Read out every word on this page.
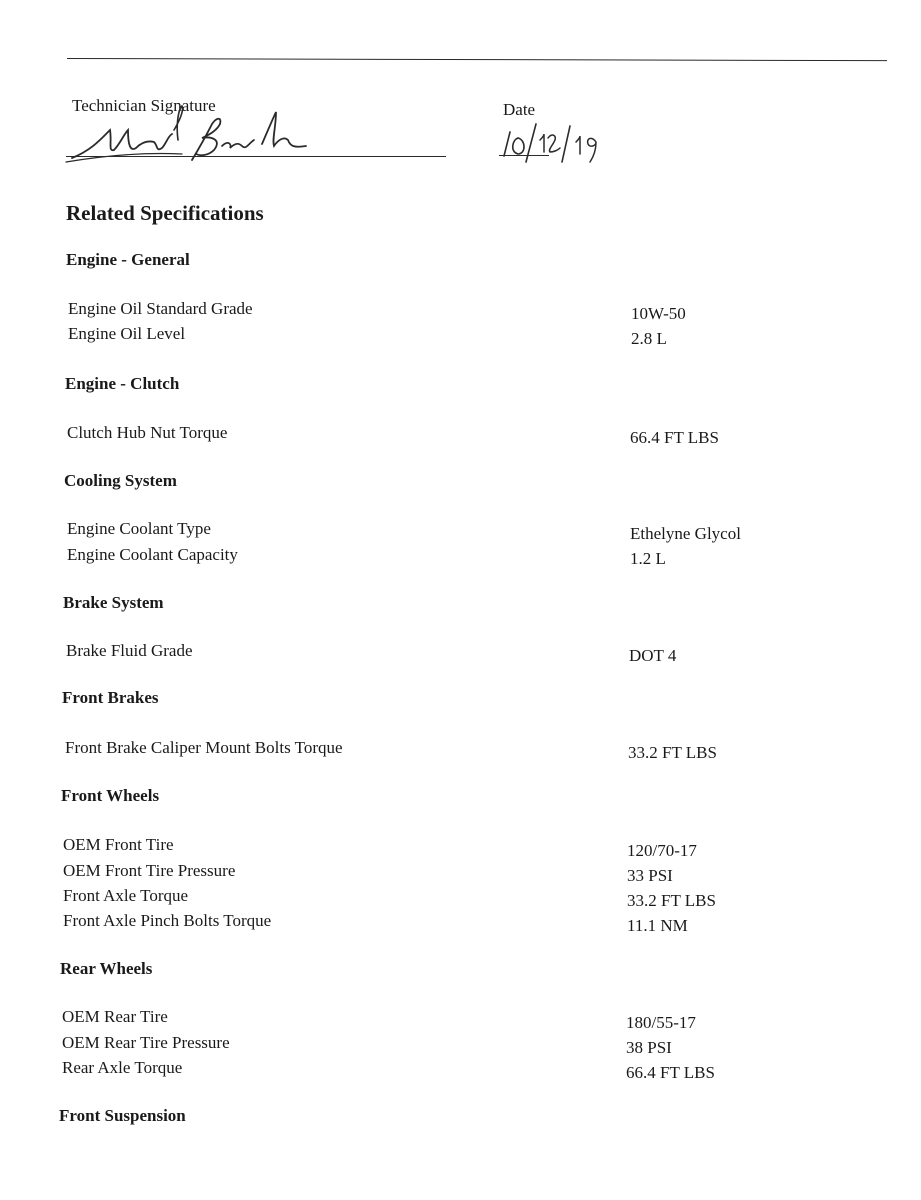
Technician Signature	Date
Related Specifications
Engine - General
Engine Oil Standard Grade	10W-50
Engine Oil Level	2.8 L
Engine - Clutch
Clutch Hub Nut Torque	66.4 FT LBS
Cooling System
Engine Coolant Type	Ethelyne Glycol
Engine Coolant Capacity	1.2 L
Brake System
Brake Fluid Grade	DOT 4
Front Brakes
Front Brake Caliper Mount Bolts Torque	33.2 FT LBS
Front Wheels
OEM Front Tire	120/70-17
OEM Front Tire Pressure	33 PSI
Front Axle Torque	33.2 FT LBS
Front Axle Pinch Bolts Torque	11.1 NM
Rear Wheels
OEM Rear Tire	180/55-17
OEM Rear Tire Pressure	38 PSI
Rear Axle Torque	66.4 FT LBS
Front Suspension
